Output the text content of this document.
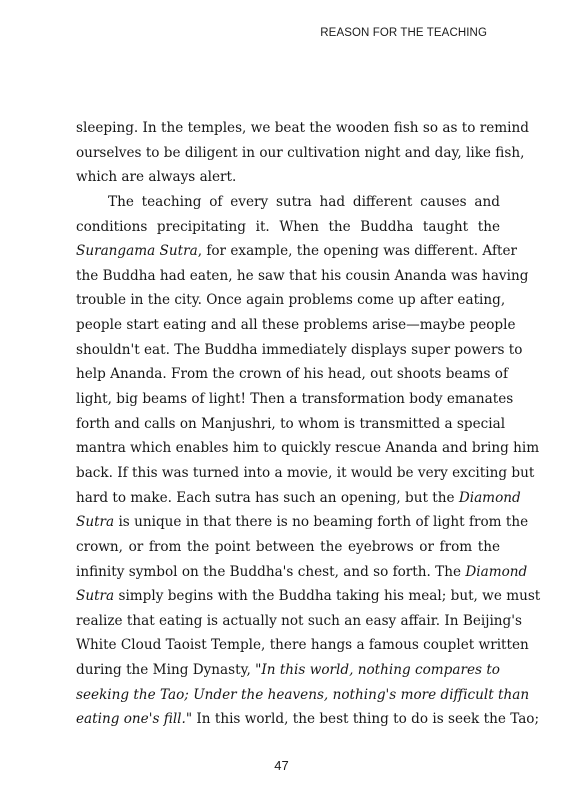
REASON FOR THE TEACHING
sleeping. In the temples, we beat the wooden fish so as to remind
ourselves to be diligent in our cultivation night and day, like fish,
which are always alert.
The teaching of every sutra had different causes and
conditions precipitating it. When the Buddha taught the
Surangama Sutra, for example, the opening was different. After
the Buddha had eaten, he saw that his cousin Ananda was having
trouble in the city. Once again problems come up after eating,
people start eating and all these problems arise—maybe people
shouldn't eat. The Buddha immediately displays super powers to
help Ananda. From the crown of his head, out shoots beams of
light, big beams of light! Then a transformation body emanates
forth and calls on Manjushri, to whom is transmitted a special
mantra which enables him to quickly rescue Ananda and bring him
back. If this was turned into a movie, it would be very exciting but
hard to make. Each sutra has such an opening, but the Diamond
Sutra is unique in that there is no beaming forth of light from the
crown, or from the point between the eyebrows or from the
infinity symbol on the Buddha's chest, and so forth. The Diamond
Sutra simply begins with the Buddha taking his meal; but, we must
realize that eating is actually not such an easy affair. In Beijing's
White Cloud Taoist Temple, there hangs a famous couplet written
during the Ming Dynasty, "In this world, nothing compares to
seeking the Tao; Under the heavens, nothing's more difficult than
eating one's fill." In this world, the best thing to do is seek the Tao;
47
